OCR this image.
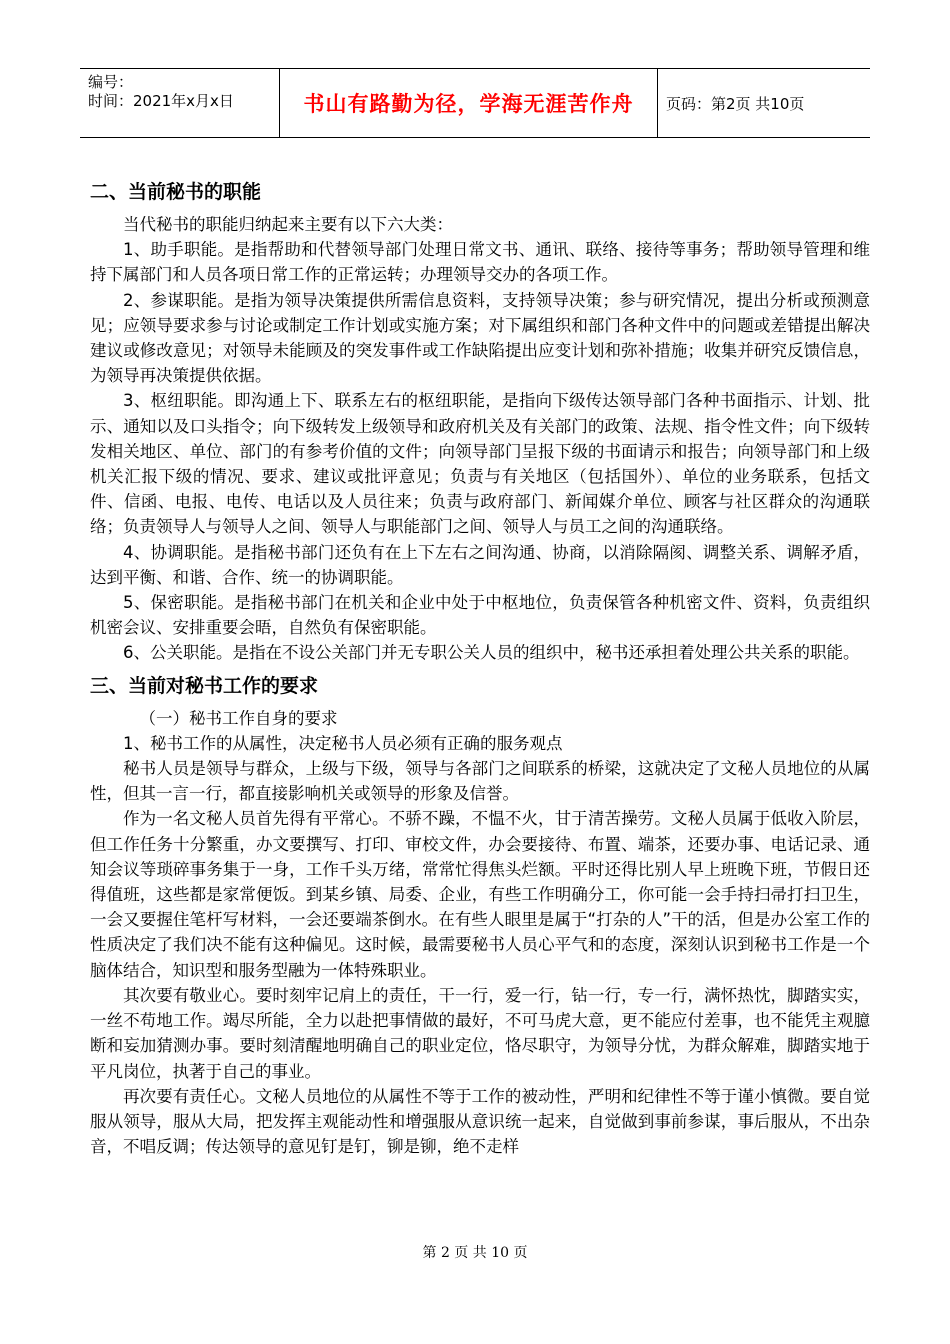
编号：
时间：2021年x月x日	书山有路勤为径，学海无涯苦作舟	页码：第2页 共10页
二、当前秘书的职能

当代秘书的职能归纳起来主要有以下六大类：

1、助手职能。是指帮助和代替领导部门处理日常文书、通讯、联络、接待等事务；帮助领导管理和维持下属部门和人员各项日常工作的正常运转；办理领导交办的各项工作。

2、参谋职能。是指为领导决策提供所需信息资料，支持领导决策；参与研究情况，提出分析或预测意见；应领导要求参与讨论或制定工作计划或实施方案；对下属组织和部门各种文件中的问题或差错提出解决建议或修改意见；对领导未能顾及的突发事件或工作缺陷提出应变计划和弥补措施；收集并研究反馈信息，为领导再决策提供依据。

3、枢纽职能。即沟通上下、联系左右的枢纽职能，是指向下级传达领导部门各种书面指示、计划、批示、通知以及口头指令；向下级转发上级领导和政府机关及有关部门的政策、法规、指令性文件；向下级转发相关地区、单位、部门的有参考价值的文件；向领导部门呈报下级的书面请示和报告；向领导部门和上级机关汇报下级的情况、要求、建议或批评意见；负责与有关地区（包括国外）、单位的业务联系，包括文件、信函、电报、电传、电话以及人员往来；负责与政府部门、新闻媒介单位、顾客与社区群众的沟通联络；负责领导人与领导人之间、领导人与职能部门之间、领导人与员工之间的沟通联络。

4、协调职能。是指秘书部门还负有在上下左右之间沟通、协商，以消除隔阂、调整关系、调解矛盾，达到平衡、和谐、合作、统一的协调职能。

5、保密职能。是指秘书部门在机关和企业中处于中枢地位，负责保管各种机密文件、资料，负责组织机密会议、安排重要会晤，自然负有保密职能。

6、公关职能。是指在不设公关部门并无专职公关人员的组织中，秘书还承担着处理公共关系的职能。

三、当前对秘书工作的要求

（一）秘书工作自身的要求

1、秘书工作的从属性，决定秘书人员必须有正确的服务观点

秘书人员是领导与群众，上级与下级，领导与各部门之间联系的桥梁，这就决定了文秘人员地位的从属性，但其一言一行，都直接影响机关或领导的形象及信誉。

作为一名文秘人员首先得有平常心。不骄不躁，不愠不火，甘于清苦操劳。文秘人员属于低收入阶层，但工作任务十分繁重，办文要撰写、打印、审校文件，办会要接待、布置、端茶，还要办事、电话记录、通知会议等琐碎事务集于一身，工作千头万绪，常常忙得焦头烂额。平时还得比别人早上班晚下班，节假日还得值班，这些都是家常便饭。到某乡镇、局委、企业，有些工作明确分工，你可能一会手持扫帚打扫卫生，一会又要握住笔杆写材料，一会还要端茶倒水。在有些人眼里是属于“打杂的人”干的活，但是办公室工作的性质决定了我们决不能有这种偏见。这时候，最需要秘书人员心平气和的态度，深刻认识到秘书工作是一个脑体结合，知识型和服务型融为一体特殊职业。

其次要有敬业心。要时刻牢记肩上的责任，干一行，爱一行，钻一行，专一行，满怀热忱，脚踏实实，一丝不苟地工作。竭尽所能，全力以赴把事情做的最好，不可马虎大意，更不能应付差事，也不能凭主观臆断和妄加猜测办事。要时刻清醒地明确自己的职业定位，恪尽职守，为领导分忧，为群众解难，脚踏实地于平凡岗位，执著于自己的事业。

再次要有责任心。文秘人员地位的从属性不等于工作的被动性，严明和纪律性不等于谨小慎微。要自觉服从领导，服从大局，把发挥主观能动性和增强服从意识统一起来，自觉做到事前参谋，事后服从，不出杂音，不唱反调；传达领导的意见钉是钉，铆是铆，绝不走样

第 2 页 共 10 页
